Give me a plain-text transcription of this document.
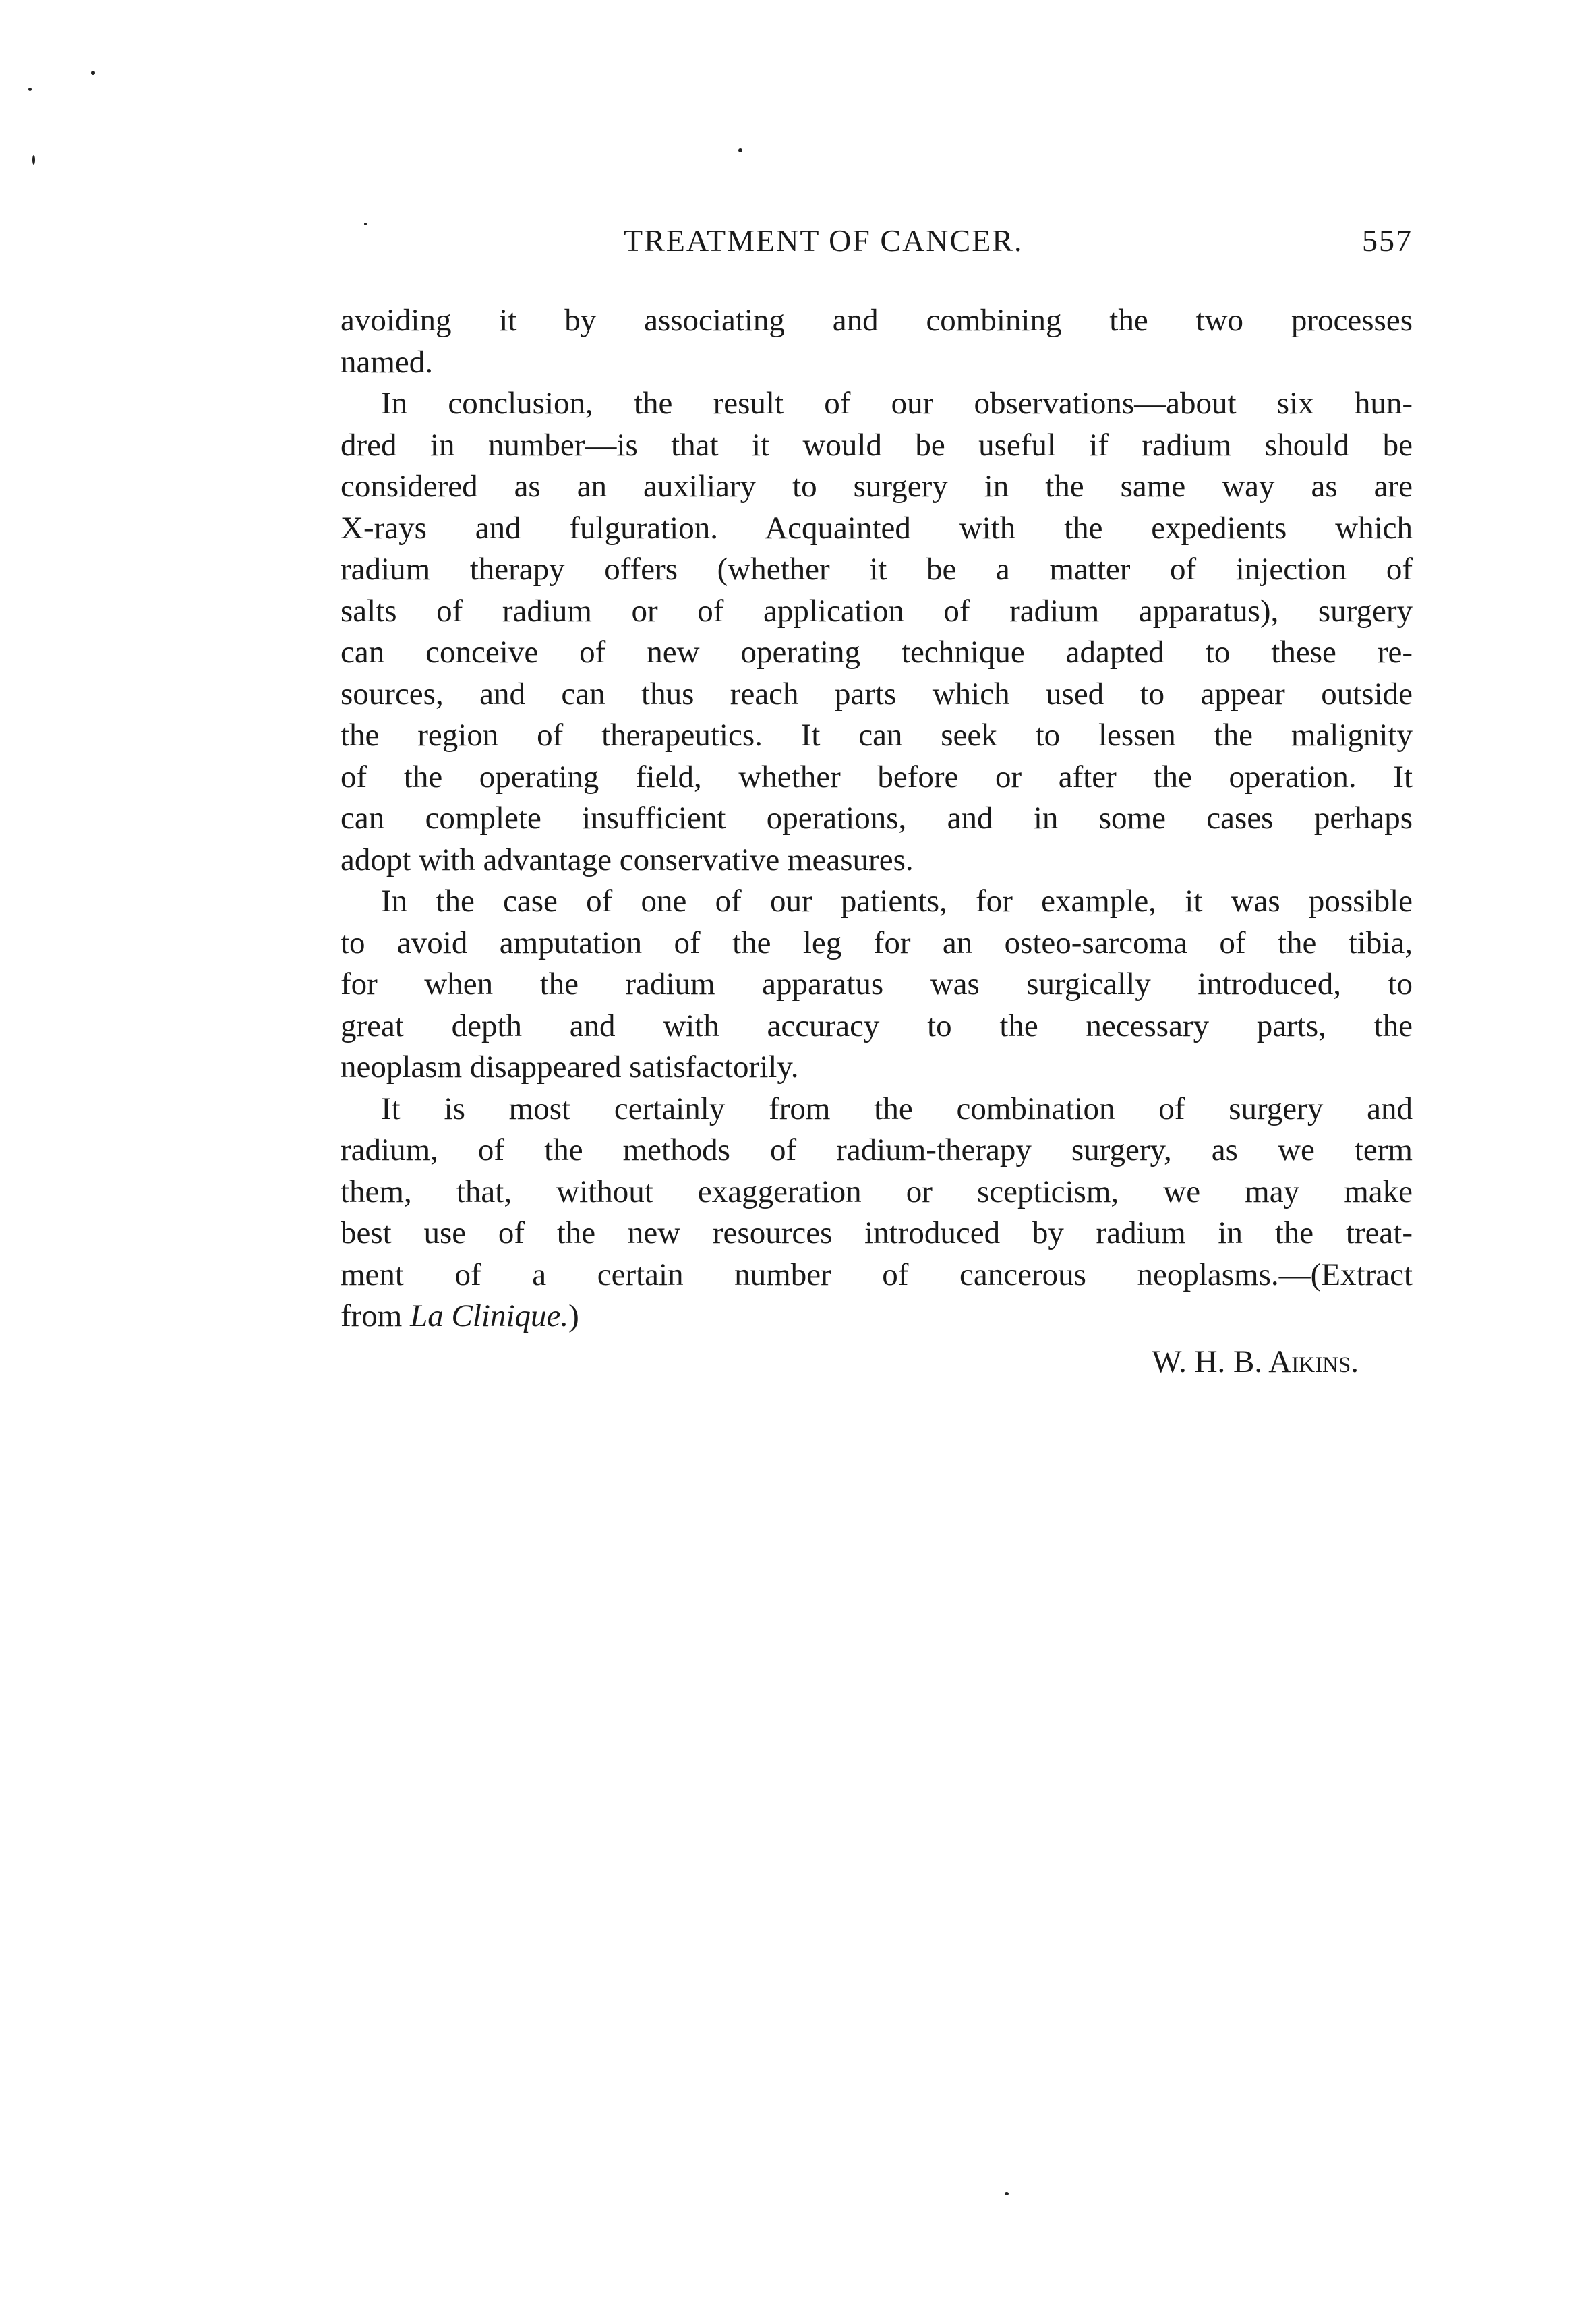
TREATMENT OF CANCER.	557
avoiding it by associating and combining the two processes
named.
In conclusion, the result of our observations—about six hun-
dred in number—is that it would be useful if radium should be
considered as an auxiliary to surgery in the same way as are
X-rays and fulguration. Acquainted with the expedients which
radium therapy offers (whether it be a matter of injection of
salts of radium or of application of radium apparatus), surgery
can conceive of new operating technique adapted to these re-
sources, and can thus reach parts which used to appear outside
the region of therapeutics. It can seek to lessen the malignity
of the operating field, whether before or after the operation. It
can complete insufficient operations, and in some cases perhaps
adopt with advantage conservative measures.
In the case of one of our patients, for example, it was possible
to avoid amputation of the leg for an osteo-sarcoma of the tibia,
for when the radium apparatus was surgically introduced, to
great depth and with accuracy to the necessary parts, the
neoplasm disappeared satisfactorily.
It is most certainly from the combination of surgery and
radium, of the methods of radium-therapy surgery, as we term
them, that, without exaggeration or scepticism, we may make
best use of the new resources introduced by radium in the treat-
ment of a certain number of cancerous neoplasms.—(Extract
from La Clinique.)
W. H. B. Aikins.
